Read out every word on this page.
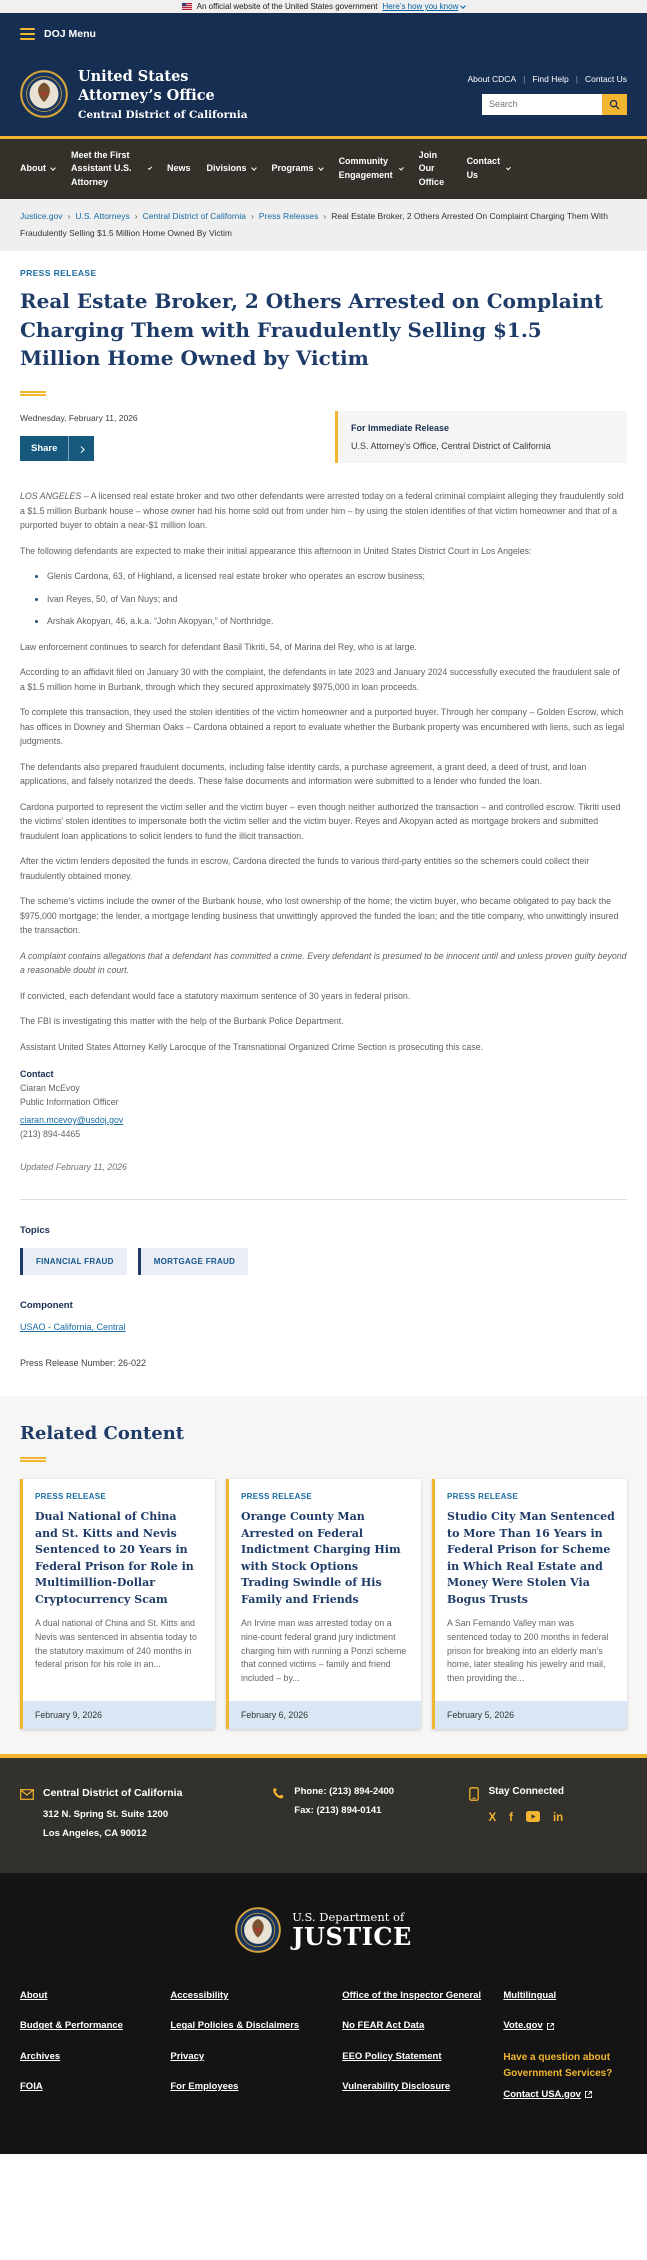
An official website of the United States government Here’s how you know
DOJ Menu
United States
Attorney’s Office
Central District of California
About CDCA | Find Help | Contact Us
Search
About
Meet the First Assistant U.S. Attorney
News Divisions	Programs
Community Engagement
Join Our Office
Contact Us
Justice.gov › U.S. Attorneys › Central District of California › Press Releases › Real Estate Broker, 2 Others Arrested On Complaint Charging Them With Fraudulently Selling $1.5 Million Home Owned By Victim
PRESS RELEASE
Real Estate Broker, 2 Others Arrested on Complaint Charging Them with Fraudulently Selling $1.5 Million Home Owned by Victim
Wednesday, February 11, 2026
Share
For Immediate Release
U.S. Attorney’s Office, Central District of California

LOS ANGELES – A licensed real estate broker and two other defendants were arrested today on a federal criminal complaint alleging they fraudulently sold a $1.5 million Burbank house – whose owner had his home sold out from under him – by using the stolen identifies of that victim homeowner and that of a purported buyer to obtain a near-$1 million loan.

The following defendants are expected to make their initial appearance this afternoon in United States District Court in Los Angeles:

• Glenis Cardona, 63, of Highland, a licensed real estate broker who operates an escrow business;
• Ivan Reyes, 50, of Van Nuys; and
• Arshak Akopyan, 46, a.k.a. “John Akopyan,” of Northridge.

Law enforcement continues to search for defendant Basil Tikriti, 54, of Marina del Rey, who is at large.

According to an affidavit filed on January 30 with the complaint, the defendants in late 2023 and January 2024 successfully executed the fraudulent sale of a $1.5 million home in Burbank, through which they secured approximately $975,000 in loan proceeds.

To complete this transaction, they used the stolen identities of the victim homeowner and a purported buyer. Through her company – Golden Escrow, which has offices in Downey and Sherman Oaks – Cardona obtained a report to evaluate whether the Burbank property was encumbered with liens, such as legal judgments.

The defendants also prepared fraudulent documents, including false identity cards, a purchase agreement, a grant deed, a deed of trust, and loan applications, and falsely notarized the deeds. These false documents and information were submitted to a lender who funded the loan.

Cardona purported to represent the victim seller and the victim buyer – even though neither authorized the transaction – and controlled escrow. Tikriti used the victims’ stolen identities to impersonate both the victim seller and the victim buyer. Reyes and Akopyan acted as mortgage brokers and submitted fraudulent loan applications to solicit lenders to fund the illicit transaction.

After the victim lenders deposited the funds in escrow, Cardona directed the funds to various third-party entities so the schemers could collect their fraudulently obtained money.

The scheme’s victims include the owner of the Burbank house, who lost ownership of the home; the victim buyer, who became obligated to pay back the $975,000 mortgage; the lender, a mortgage lending business that unwittingly approved the funded the loan; and the title company, who unwittingly insured the transaction.

A complaint contains allegations that a defendant has committed a crime. Every defendant is presumed to be innocent until and unless proven guilty beyond a reasonable doubt in court.

If convicted, each defendant would face a statutory maximum sentence of 30 years in federal prison.

The FBI is investigating this matter with the help of the Burbank Police Department.

Assistant United States Attorney Kelly Larocque of the Transnational Organized Crime Section is prosecuting this case.

Contact
Ciaran McEvoy
Public Information Officer
ciaran.mcevoy@usdoj.gov
(213) 894-4465
Updated February 11, 2026
Topics
FINANCIAL FRAUD	MORTGAGE FRAUD
Component
USAO - California, Central
Press Release Number: 26-022
Related Content
PRESS RELEASE
Dual National of China and St. Kitts and Nevis Sentenced to 20 Years in Federal Prison for Role in Multimillion-Dollar Cryptocurrency Scam

A dual national of China and St. Kitts and Nevis was sentenced in absentia today to the statutory maximum of 240 months in federal prison for his role in an...

February 9, 2026
PRESS RELEASE
Orange County Man Arrested on Federal Indictment Charging Him with Stock Options Trading Swindle of His Family and Friends

An Irvine man was arrested today on a nine-count federal grand jury indictment charging him with running a Ponzi scheme that conned victims – family and friend included – by...

February 6, 2026
PRESS RELEASE
Studio City Man Sentenced to More Than 16 Years in Federal Prison for Scheme in Which Real Estate and Money Were Stolen Via Bogus Trusts

A San Fernando Valley man was sentenced today to 200 months in federal prison for breaking into an elderly man’s home, later stealing his jewelry and mail, then providing the...

February 5, 2026
Central District of California
312 N. Spring St. Suite 1200
Los Angeles, CA 90012
Phone: (213) 894-2400
Fax: (213) 894-0141
Stay Connected
X f	in
U.S. Department of
JUSTICE
About
Budget & Performance
Archives
FOIA
Accessibility
Legal Policies & Disclaimers
Privacy
For Employees
Office of the Inspector General
No FEAR Act Data
EEO Policy Statement
Vulnerability Disclosure
Multilingual
Vote.gov
Have a question about Government Services?
Contact USA.gov
